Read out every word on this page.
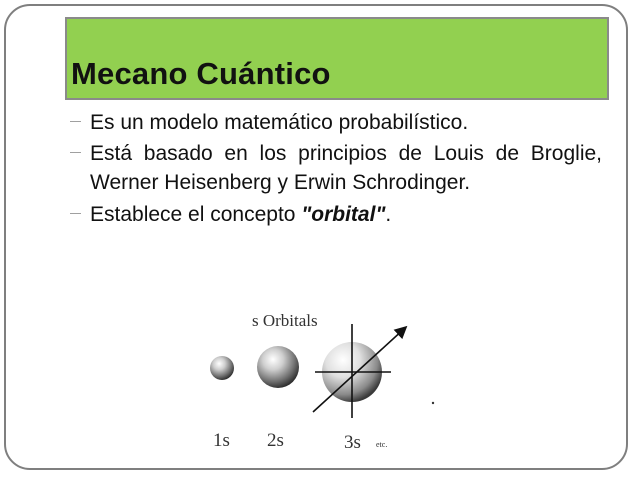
Mecano Cuántico
Es un modelo matemático probabilístico.
Está basado en los principios de Louis de Broglie, Werner Heisenberg y Erwin Schrodinger.
Establece el concepto "orbital".
s Orbitals
1s 2s	3s etc.
